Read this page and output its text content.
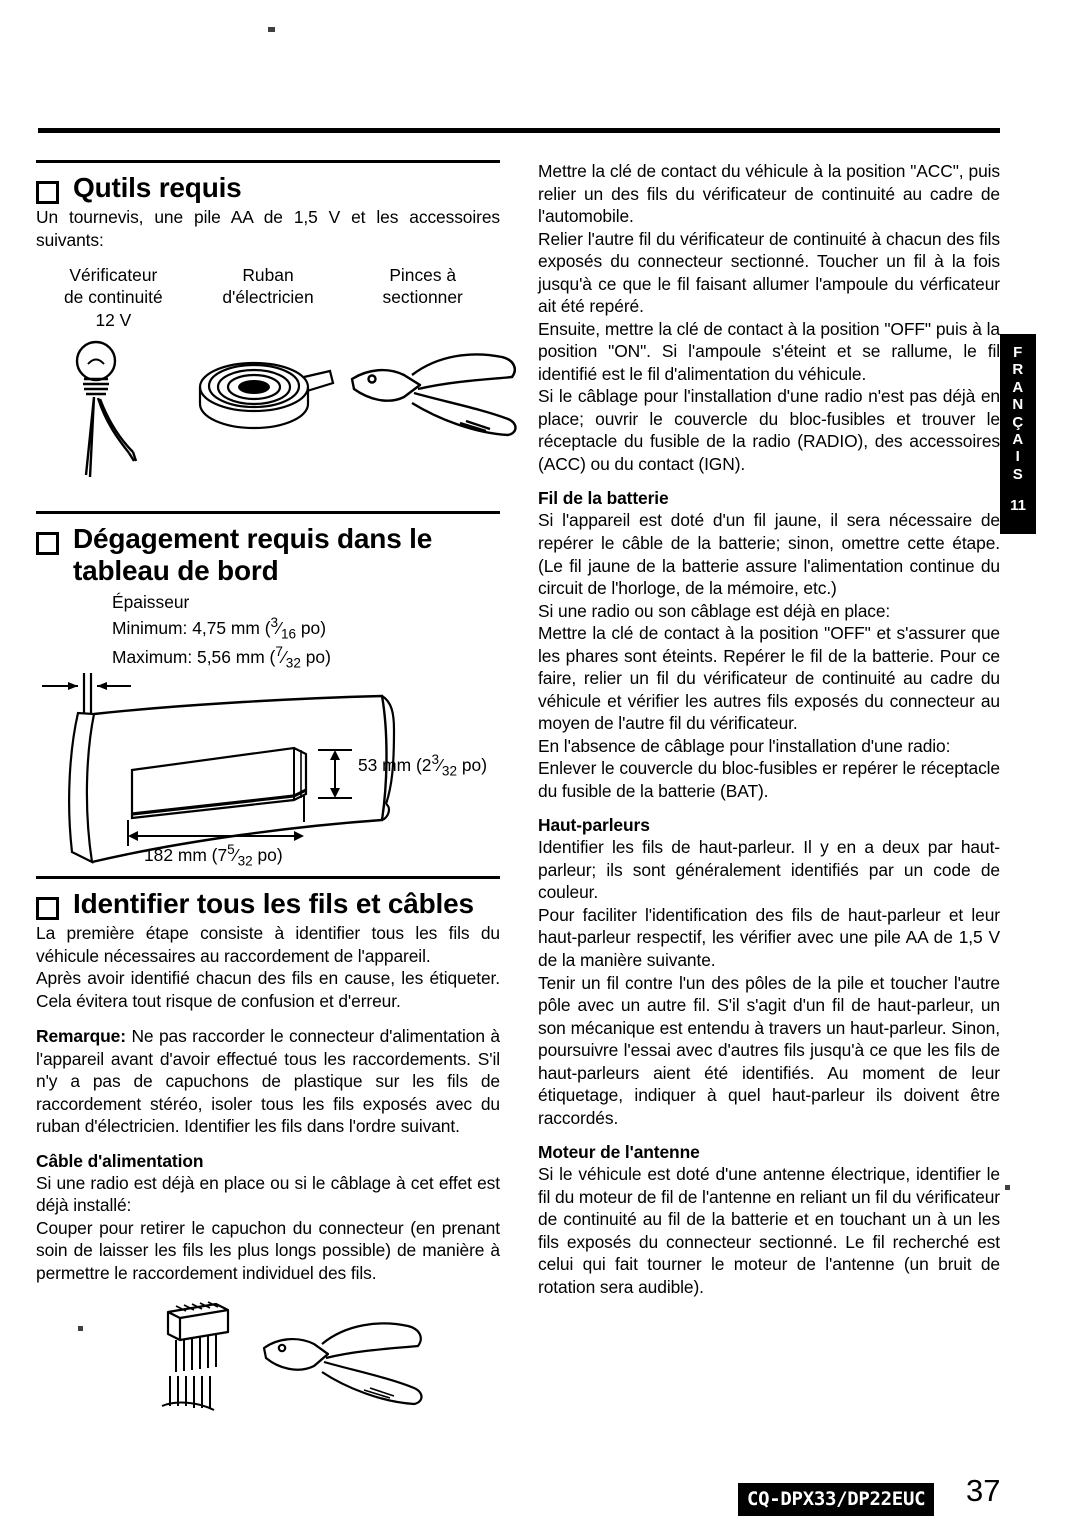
Qutils requis

Un tournevis, une pile AA de 1,5 V et les accessoires suivants:

Vérificateur
de continuité
12 V
Ruban
d'électricien
Pinces à
sectionner
Dégagement requis dans le tableau de bord
Épaisseur
Minimum: 4,75 mm ($^3⁄_{16}$ po)
Maximum: 5,56 mm ($^7⁄_{32}$ po)
53 mm ($2^3⁄_{32}$ po)
182 mm ($7^5⁄_{32}$ po)
Identifier tous les fils et câbles

La première étape consiste à identifier tous les fils du véhicule nécessaires au raccordement de l'appareil.

Après avoir identifié chacun des fils en cause, les étiqueter. Cela évitera tout risque de confusion et d'erreur.

Remarque: Ne pas raccorder le connecteur d'alimentation à l'appareil avant d'avoir effectué tous les raccordements. S'il n'y a pas de capuchons de plastique sur les fils de raccordement stéréo, isoler tous les fils exposés avec du ruban d'électricien. Identifier les fils dans l'ordre suivant.

Câble d'alimentation

Si une radio est déjà en place ou si le câblage à cet effet est déjà installé:

Couper pour retirer le capuchon du connecteur (en prenant soin de laisser les fils les plus longs possible) de manière à permettre le raccordement individuel des fils.

Mettre la clé de contact du véhicule à la position "ACC", puis relier un des fils du vérificateur de continuité au cadre de l'automobile.

Relier l'autre fil du vérificateur de continuité à chacun des fils exposés du connecteur sectionné. Toucher un fil à la fois jusqu'à ce que le fil faisant allumer l'ampoule du vérficateur ait été repéré.

Ensuite, mettre la clé de contact à la position "OFF" puis à la position "ON". Si l'ampoule s'éteint et se rallume, le fil identifié est le fil d'alimentation du véhicule.

Si le câblage pour l'installation d'une radio n'est pas déjà en place; ouvrir le couvercle du bloc-fusibles et trouver le réceptacle du fusible de la radio (RADIO), des accessoires (ACC) ou du contact (IGN).

Fil de la batterie

Si l'appareil est doté d'un fil jaune, il sera nécessaire de repérer le câble de la batterie; sinon, omettre cette étape. (Le fil jaune de la batterie assure l'alimentation continue du circuit de l'horloge, de la mémoire, etc.)

Si une radio ou son câblage est déjà en place:

Mettre la clé de contact à la position "OFF" et s'assurer que les phares sont éteints. Repérer le fil de la batterie. Pour ce faire, relier un fil du vérificateur de continuité au cadre du véhicule et vérifier les autres fils exposés du connecteur au moyen de l'autre fil du vérificateur.

En l'absence de câblage pour l'installation d'une radio:

Enlever le couvercle du bloc-fusibles er repérer le réceptacle du fusible de la batterie (BAT).

Haut-parleurs

Identifier les fils de haut-parleur. Il y en a deux par haut-parleur; ils sont généralement identifiés par un code de couleur.

Pour faciliter l'identification des fils de haut-parleur et leur haut-parleur respectif, les vérifier avec une pile AA de 1,5 V de la manière suivante.

Tenir un fil contre l'un des pôles de la pile et toucher l'autre pôle avec un autre fil. S'il s'agit d'un fil de haut-parleur, un son mécanique est entendu à travers un haut-parleur. Sinon, poursuivre l'essai avec d'autres fils jusqu'à ce que les fils de haut-parleurs aient été identifiés. Au moment de leur étiquetage, indiquer à quel haut-parleur ils doivent être raccordés.

Moteur de l'antenne

Si le véhicule est doté d'une antenne électrique, identifier le fil du moteur de fil de l'antenne en reliant un fil du vérificateur de continuité au fil de la batterie et en touchant un à un les fils exposés du connecteur sectionné. Le fil recherché est celui qui fait tourner le moteur de l'antenne (un bruit de rotation sera audible).

F
R
A
N
Ç
A
I
S
11
CQ-DPX33/DP22EUC 37
